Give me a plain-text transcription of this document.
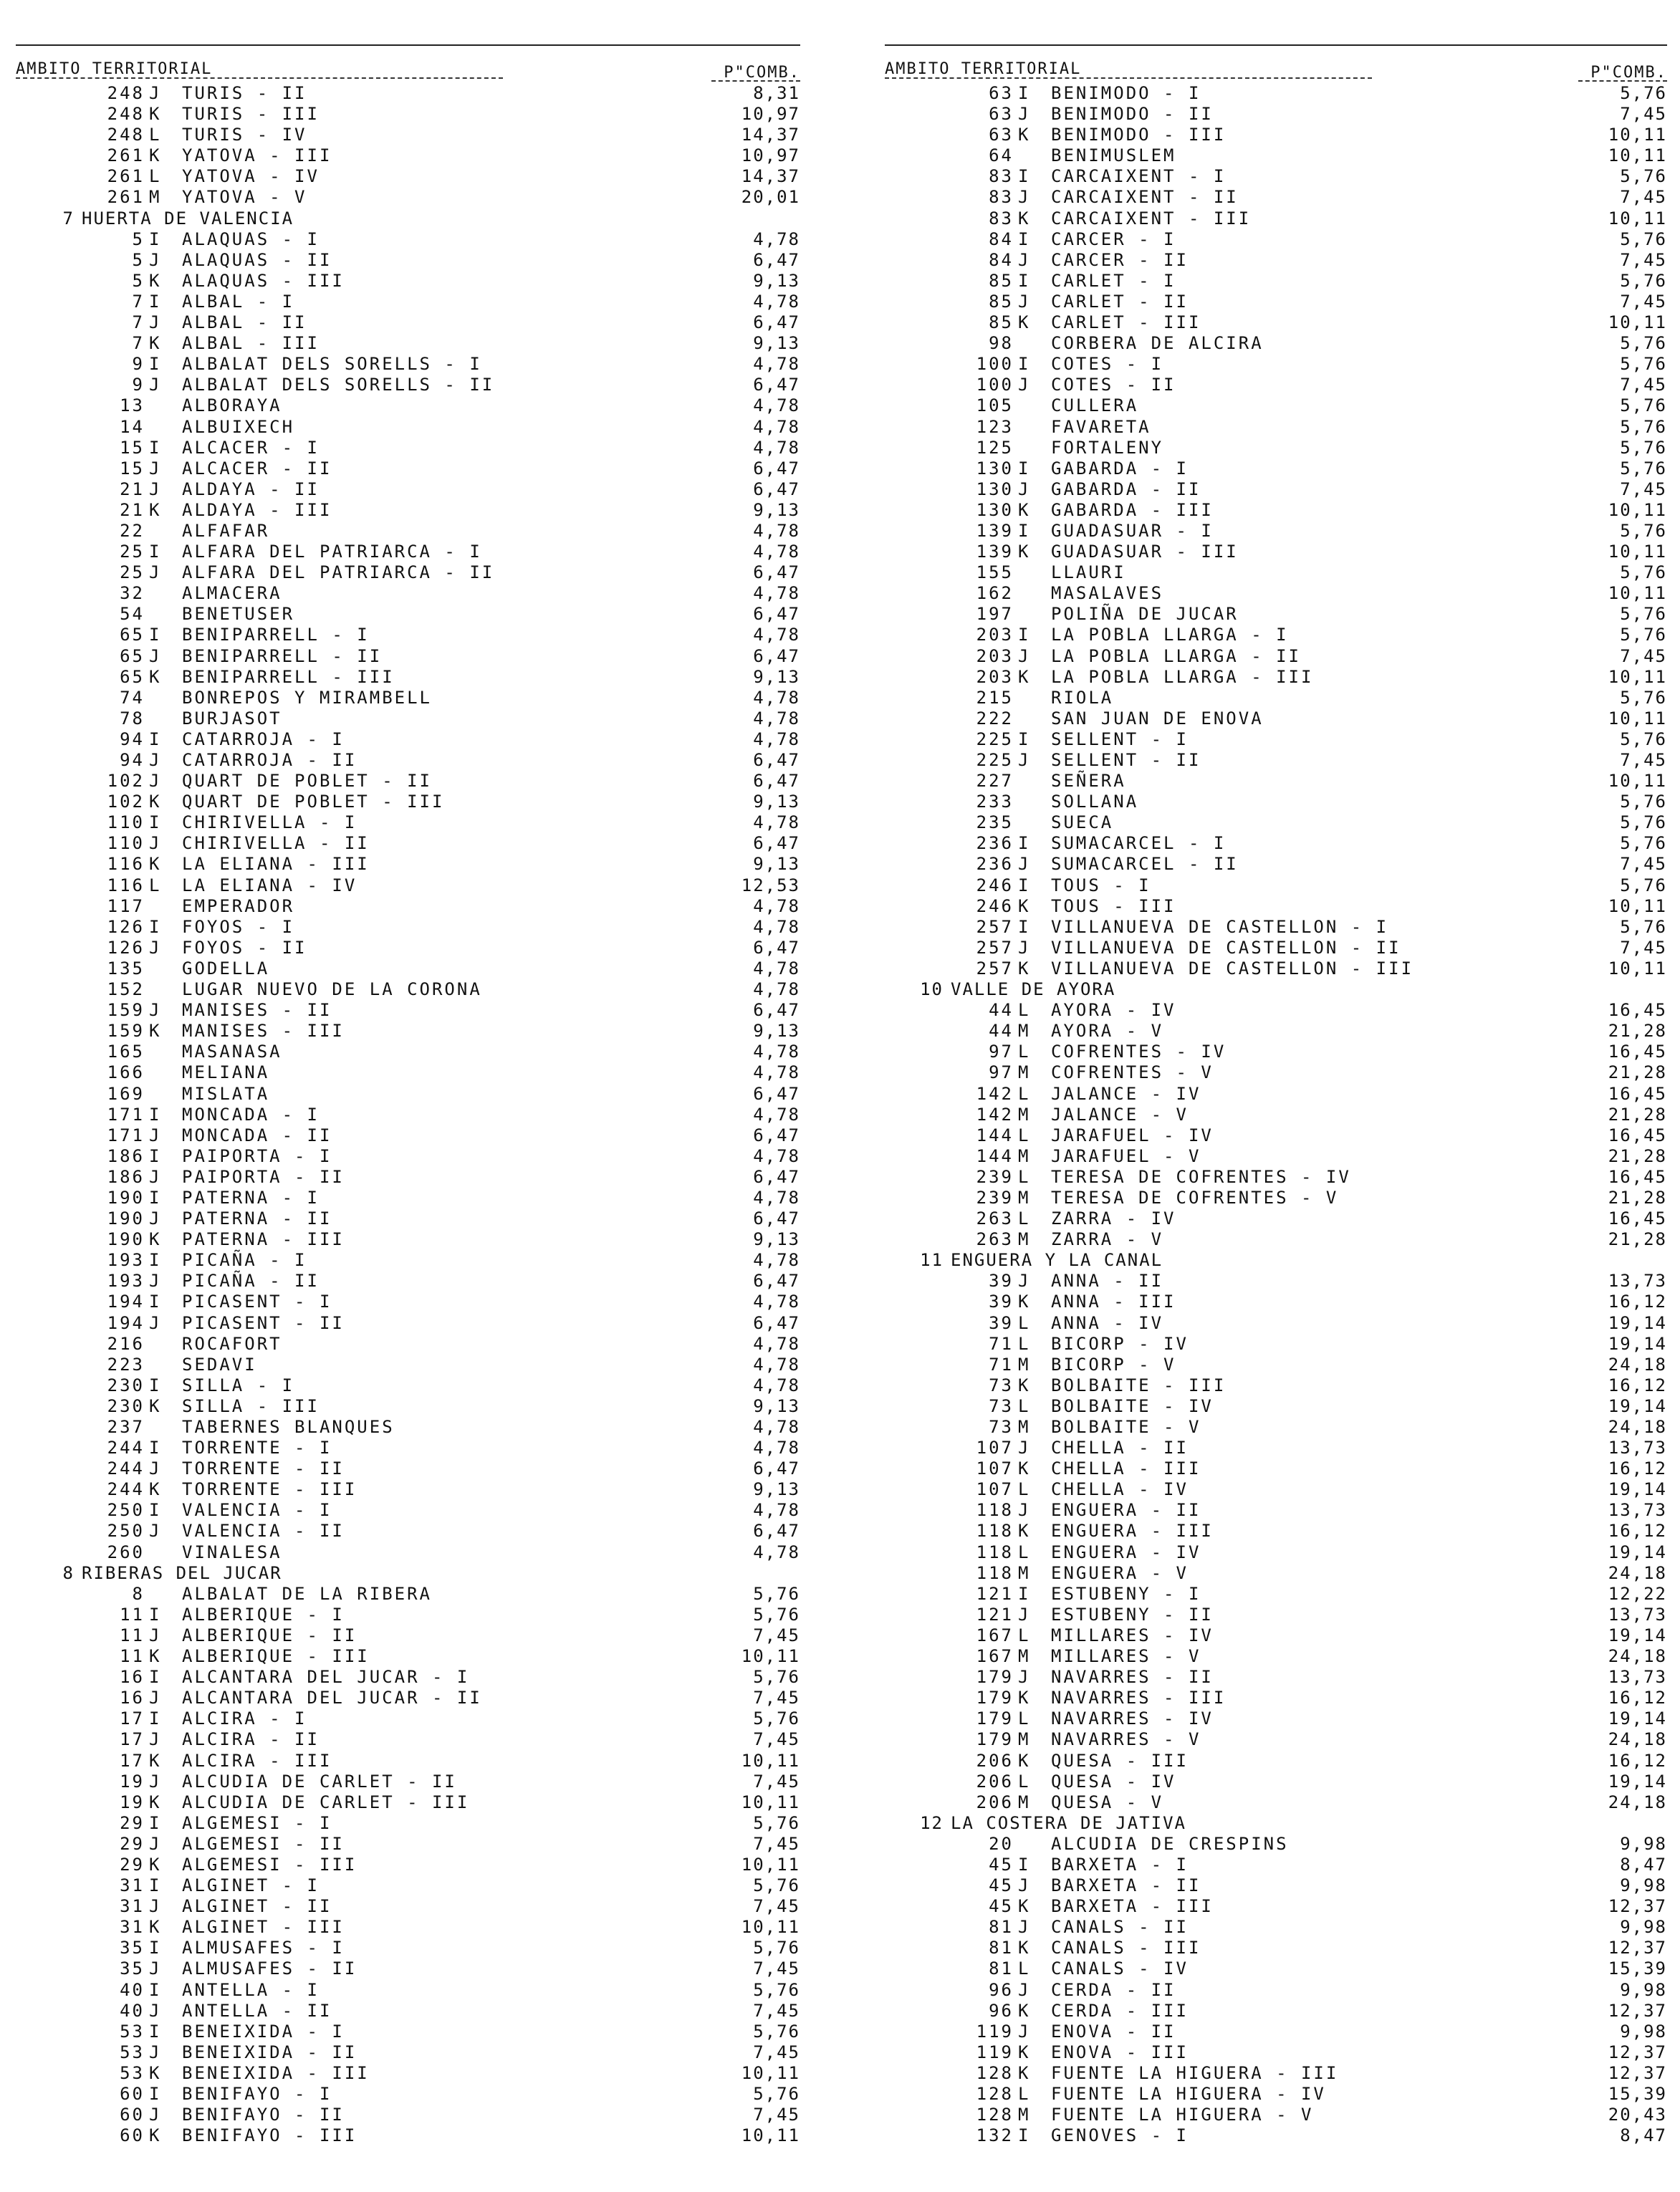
AMBITO TERRITORIAL	P"COMB.
248 J TURIS - II	8,31
248 K TURIS - III	10,97
248 L TURIS - IV	14,37
261 K YATOVA - III	10,97
261 L YATOVA - IV	14,37
261 M YATOVA - V	20,01
7 HUERTA DE VALENCIA
5 I ALAQUAS - I	4,78
5 J ALAQUAS - II	6,47
5 K ALAQUAS - III	9,13
7 I ALBAL - I	4,78
7 J ALBAL - II	6,47
7 K ALBAL - III	9,13
9 I ALBALAT DELS SORELLS - I	4,78
9 J ALBALAT DELS SORELLS - II	6,47
13 ALBORAYA	4,78
14 ALBUIXECH	4,78
15 I ALCACER - I	4,78
15 J ALCACER - II	6,47
21 J ALDAYA - II	6,47
21 K ALDAYA - III	9,13
22 ALFAFAR	4,78
25 I ALFARA DEL PATRIARCA - I	4,78
25 J ALFARA DEL PATRIARCA - II	6,47
32 ALMACERA	4,78
54 BENETUSER	6,47
65 I BENIPARRELL - I	4,78
65 J BENIPARRELL - II	6,47
65 K BENIPARRELL - III	9,13
74 BONREPOS Y MIRAMBELL	4,78
78 BURJASOT	4,78
94 I CATARROJA - I	4,78
94 J CATARROJA - II	6,47
102 J QUART DE POBLET - II	6,47
102 K QUART DE POBLET - III	9,13
110 I CHIRIVELLA - I	4,78
110 J CHIRIVELLA - II	6,47
116 K LA ELIANA - III	9,13
116 L LA ELIANA - IV	12,53
117 EMPERADOR	4,78
126 I FOYOS - I	4,78
126 J FOYOS - II	6,47
135 GODELLA	4,78
152 LUGAR NUEVO DE LA CORONA	4,78
159 J MANISES - II	6,47
159 K MANISES - III	9,13
165 MASANASA	4,78
166 MELIANA	4,78
169 MISLATA	6,47
171 I MONCADA - I	4,78
171 J MONCADA - II	6,47
186 I PAIPORTA - I	4,78
186 J PAIPORTA - II	6,47
190 I PATERNA - I	4,78
190 J PATERNA - II	6,47
190 K PATERNA - III	9,13
193 I PICAÑA - I	4,78
193 J PICAÑA - II	6,47
194 I PICASENT - I	4,78
194 J PICASENT - II	6,47
216 ROCAFORT	4,78
223 SEDAVI	4,78
230 I SILLA - I	4,78
230 K SILLA - III	9,13
237 TABERNES BLANQUES	4,78
244 I TORRENTE - I	4,78
244 J TORRENTE - II	6,47
244 K TORRENTE - III	9,13
250 I VALENCIA - I	4,78
250 J VALENCIA - II	6,47
260 VINALESA	4,78
8 RIBERAS DEL JUCAR
8 ALBALAT DE LA RIBERA	5,76
11 I ALBERIQUE - I	5,76
11 J ALBERIQUE - II	7,45
11 K ALBERIQUE - III	10,11
16 I ALCANTARA DEL JUCAR - I	5,76
16 J ALCANTARA DEL JUCAR - II	7,45
17 I ALCIRA - I	5,76
17 J ALCIRA - II	7,45
17 K ALCIRA - III	10,11
19 J ALCUDIA DE CARLET - II	7,45
19 K ALCUDIA DE CARLET - III	10,11
29 I ALGEMESI - I	5,76
29 J ALGEMESI - II	7,45
29 K ALGEMESI - III	10,11
31 I ALGINET - I	5,76
31 J ALGINET - II	7,45
31 K ALGINET - III	10,11
35 I ALMUSAFES - I	5,76
35 J ALMUSAFES - II	7,45
40 I ANTELLA - I	5,76
40 J ANTELLA - II	7,45
53 I BENEIXIDA - I	5,76
53 J BENEIXIDA - II	7,45
53 K BENEIXIDA - III	10,11
60 I BENIFAYO - I	5,76
60 J BENIFAYO - II	7,45
60 K BENIFAYO - III	10,11
AMBITO TERRITORIAL	P"COMB.
63 I BENIMODO - I	5,76
63 J BENIMODO - II	7,45
63 K BENIMODO - III	10,11
64 BENIMUSLEM	10,11
83 I CARCAIXENT - I	5,76
83 J CARCAIXENT - II	7,45
83 K CARCAIXENT - III	10,11
84 I CARCER - I	5,76
84 J CARCER - II	7,45
85 I CARLET - I	5,76
85 J CARLET - II	7,45
85 K CARLET - III	10,11
98 CORBERA DE ALCIRA	5,76
100 I COTES - I	5,76
100 J COTES - II	7,45
105 CULLERA	5,76
123 FAVARETA	5,76
125 FORTALENY	5,76
130 I GABARDA - I	5,76
130 J GABARDA - II	7,45
130 K GABARDA - III	10,11
139 I GUADASUAR - I	5,76
139 K GUADASUAR - III	10,11
155 LLAURI	5,76
162 MASALAVES	10,11
197 POLIÑA DE JUCAR	5,76
203 I LA POBLA LLARGA - I	5,76
203 J LA POBLA LLARGA - II	7,45
203 K LA POBLA LLARGA - III	10,11
215 RIOLA	5,76
222 SAN JUAN DE ENOVA	10,11
225 I SELLENT - I	5,76
225 J SELLENT - II	7,45
227 SEÑERA	10,11
233 SOLLANA	5,76
235 SUECA	5,76
236 I SUMACARCEL - I	5,76
236 J SUMACARCEL - II	7,45
246 I TOUS - I	5,76
246 K TOUS - III	10,11
257 I VILLANUEVA DE CASTELLON - I	5,76
257 J VILLANUEVA DE CASTELLON - II	7,45
257 K VILLANUEVA DE CASTELLON - III	10,11
10 VALLE DE AYORA
44 L AYORA - IV	16,45
44 M AYORA - V	21,28
97 L COFRENTES - IV	16,45
97 M COFRENTES - V	21,28
142 L JALANCE - IV	16,45
142 M JALANCE - V	21,28
144 L JARAFUEL - IV	16,45
144 M JARAFUEL - V	21,28
239 L TERESA DE COFRENTES - IV	16,45
239 M TERESA DE COFRENTES - V	21,28
263 L ZARRA - IV	16,45
263 M ZARRA - V	21,28
11 ENGUERA Y LA CANAL
39 J ANNA - II	13,73
39 K ANNA - III	16,12
39 L ANNA - IV	19,14
71 L BICORP - IV	19,14
71 M BICORP - V	24,18
73 K BOLBAITE - III	16,12
73 L BOLBAITE - IV	19,14
73 M BOLBAITE - V	24,18
107 J CHELLA - II	13,73
107 K CHELLA - III	16,12
107 L CHELLA - IV	19,14
118 J ENGUERA - II	13,73
118 K ENGUERA - III	16,12
118 L ENGUERA - IV	19,14
118 M ENGUERA - V	24,18
121 I ESTUBENY - I	12,22
121 J ESTUBENY - II	13,73
167 L MILLARES - IV	19,14
167 M MILLARES - V	24,18
179 J NAVARRES - II	13,73
179 K NAVARRES - III	16,12
179 L NAVARRES - IV	19,14
179 M NAVARRES - V	24,18
206 K QUESA - III	16,12
206 L QUESA - IV	19,14
206 M QUESA - V	24,18
12 LA COSTERA DE JATIVA
20 ALCUDIA DE CRESPINS	9,98
45 I BARXETA - I	8,47
45 J BARXETA - II	9,98
45 K BARXETA - III	12,37
81 J CANALS - II	9,98
81 K CANALS - III	12,37
81 L CANALS - IV	15,39
96 J CERDA - II	9,98
96 K CERDA - III	12,37
119 J ENOVA - II	9,98
119 K ENOVA - III	12,37
128 K FUENTE LA HIGUERA - III	12,37
128 L FUENTE LA HIGUERA - IV	15,39
128 M FUENTE LA HIGUERA - V	20,43
132 I GENOVES - I	8,47
